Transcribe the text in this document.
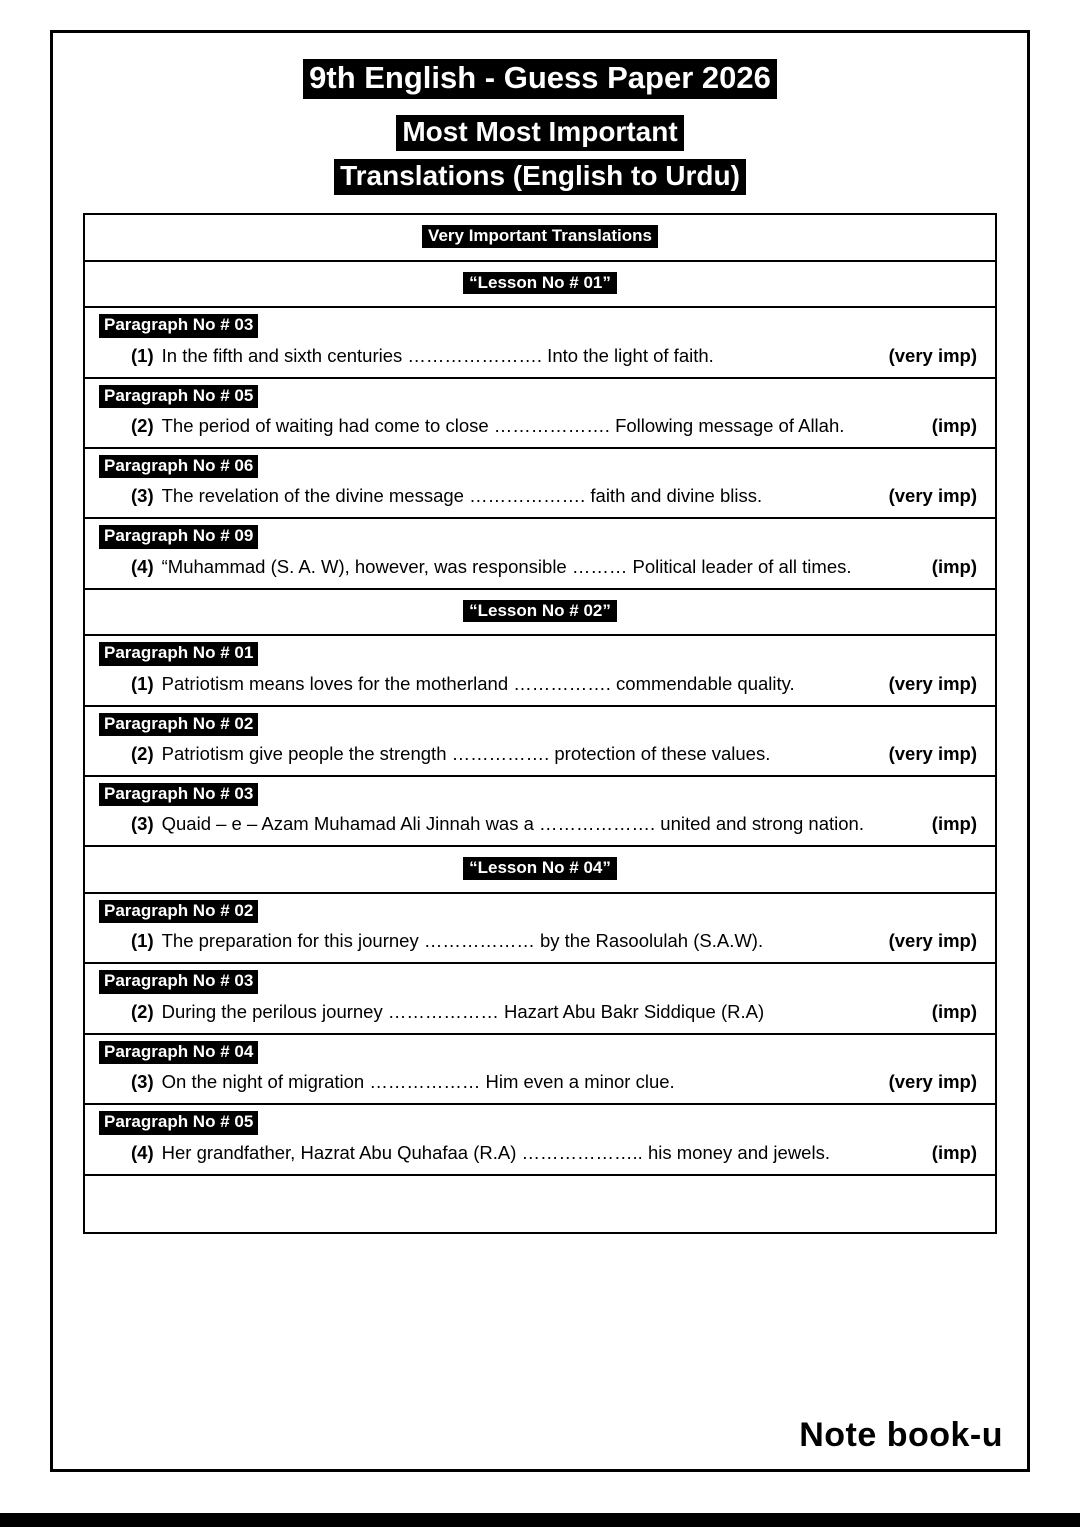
9th English - Guess Paper 2026
Most Most Important
Translations (English to Urdu)
Very Important Translations
“Lesson No # 01”
Paragraph No # 03
(1) In the fifth and sixth centuries …………………. Into the light of faith.	(very imp)
Paragraph No # 05
(2) The period of waiting had come to close ………………. Following message of Allah.	(imp)
Paragraph No # 06
(3) The revelation of the divine message ………………. faith and divine bliss.	(very imp)
Paragraph No # 09
(4) “Muhammad (S. A. W), however, was responsible ……… Political leader of all times.	(imp)
“Lesson No # 02”
Paragraph No # 01
(1) Patriotism means loves for the motherland ……………. commendable quality.	(very imp)
Paragraph No # 02
(2) Patriotism give people the strength ……………. protection of these values.	(very imp)
Paragraph No # 03
(3) Quaid – e – Azam Muhamad Ali Jinnah was a ………………. united and strong nation.	(imp)
“Lesson No # 04”
Paragraph No # 02
(1) The preparation for this journey ……………… by the Rasoolulah (S.A.W).	(very imp)
Paragraph No # 03
(2) During the perilous journey ……………… Hazart Abu Bakr Siddique (R.A)	(imp)
Paragraph No # 04
(3) On the night of migration ……………… Him even a minor clue.	(very imp)
Paragraph No # 05
(4) Her grandfather, Hazrat Abu Quhafaa (R.A) ……………….. his money and jewels.	(imp)
Note book-u
